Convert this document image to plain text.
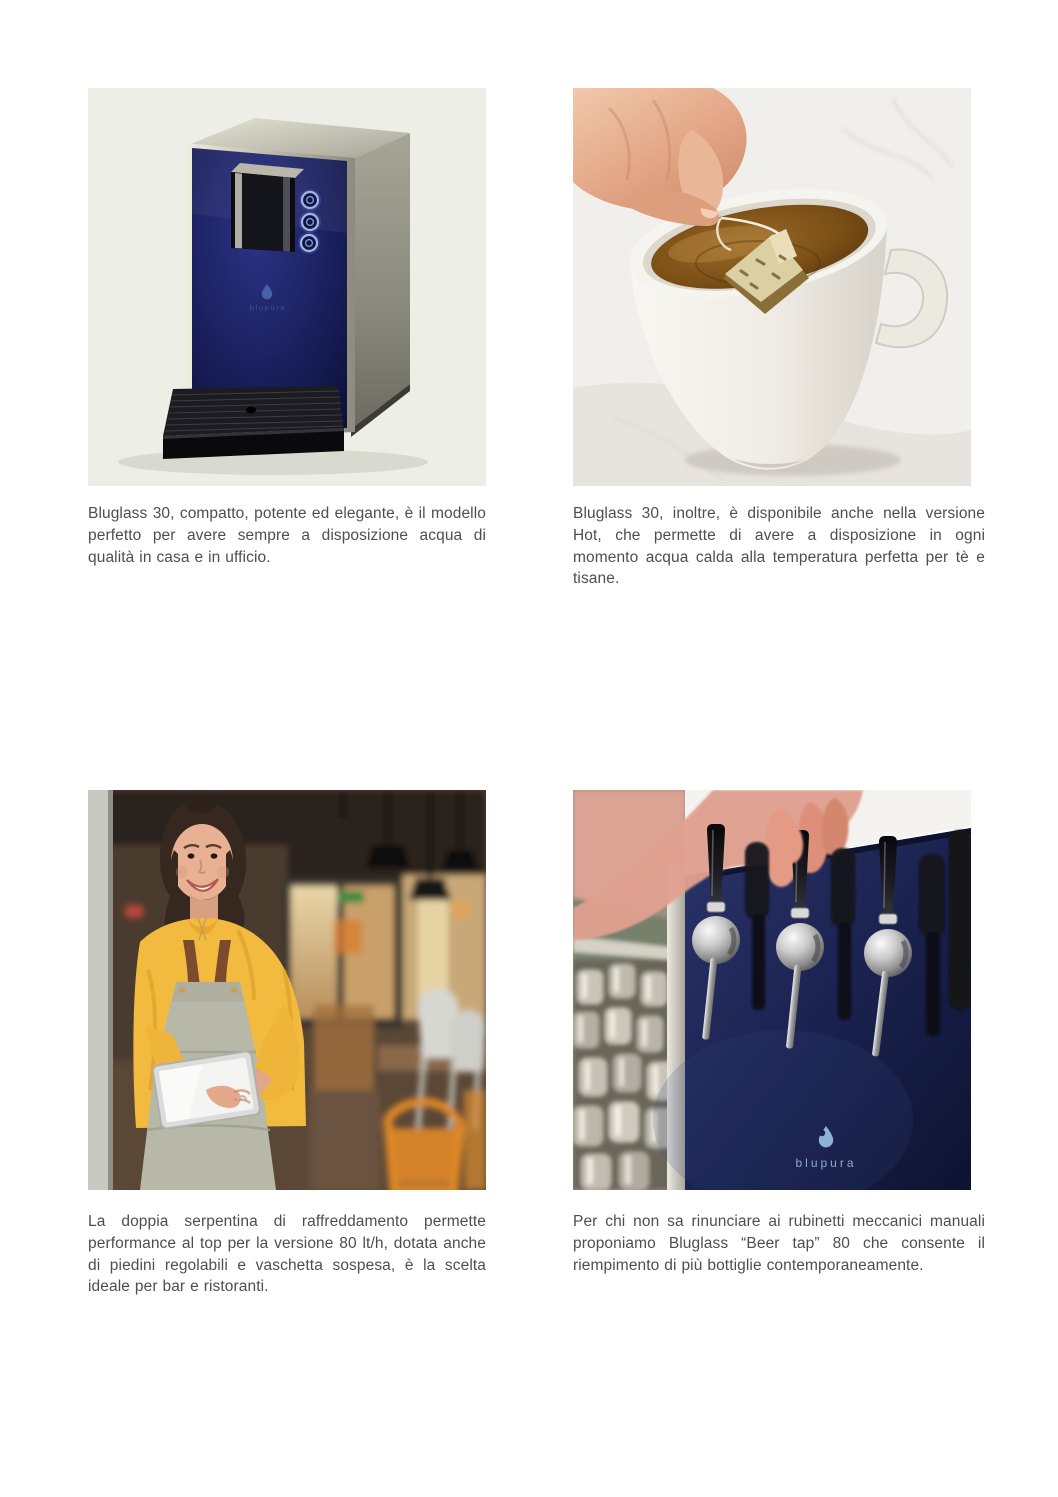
blupura
blupura

Bluglass 30, compatto, potente ed elegante, è il modello perfetto per avere sempre a disposizione acqua di qualità in casa e in ufficio.

Bluglass 30, inoltre, è disponibile anche nella versione Hot, che permette di avere a disposizione in ogni momento acqua calda alla temperatura perfetta per tè e tisane.

La doppia serpentina di raffreddamento permette performance al top per la versione 80 lt/h, dotata anche di piedini regolabili e vaschetta sospesa, è la scelta ideale per bar e ristoranti.

Per chi non sa rinunciare ai rubinetti meccanici manuali proponiamo Bluglass “Beer tap” 80 che consente il riempimento di più bottiglie contemporaneamente.
